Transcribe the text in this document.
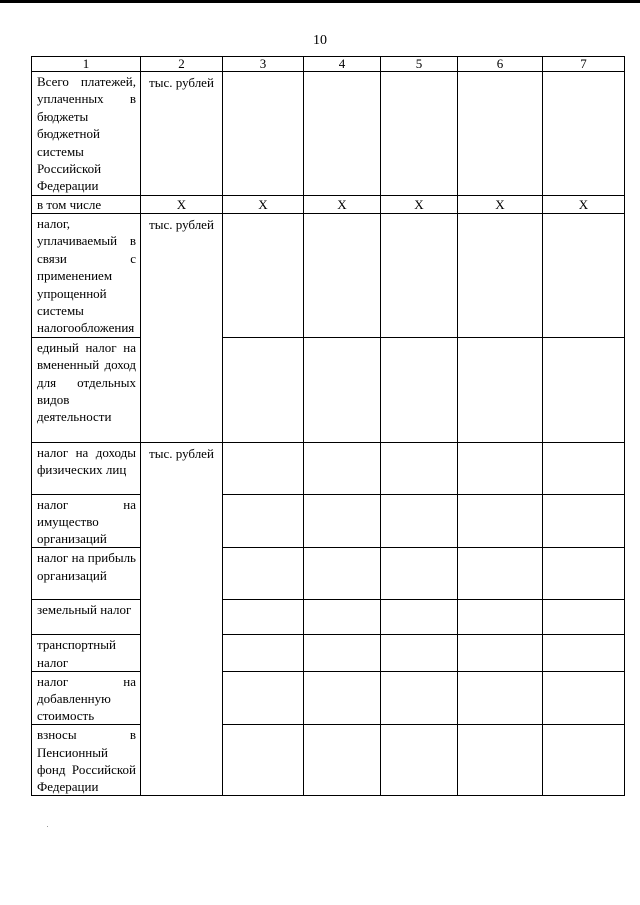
10
1	2	3	4	5	6	7
Всего платежей, уплаченных в бюджеты бюджетной системы Российской Федерации	тыс. рублей					
в том числе	Х	Х	Х	Х	Х	Х
налог, уплачиваемый в связи с применением упрощенной системы налогообложения	тыс. рублей					
единый налог на вмененный доход для отдельных видов деятельности						
налог на доходы физических лиц	тыс. рублей					
налог на имущество организаций						
налог на прибыль организаций						
земельный налог						
транспортный налог						
налог на добавленную стоимость						
взносы в Пенсионный фонд Российской Федерации						
